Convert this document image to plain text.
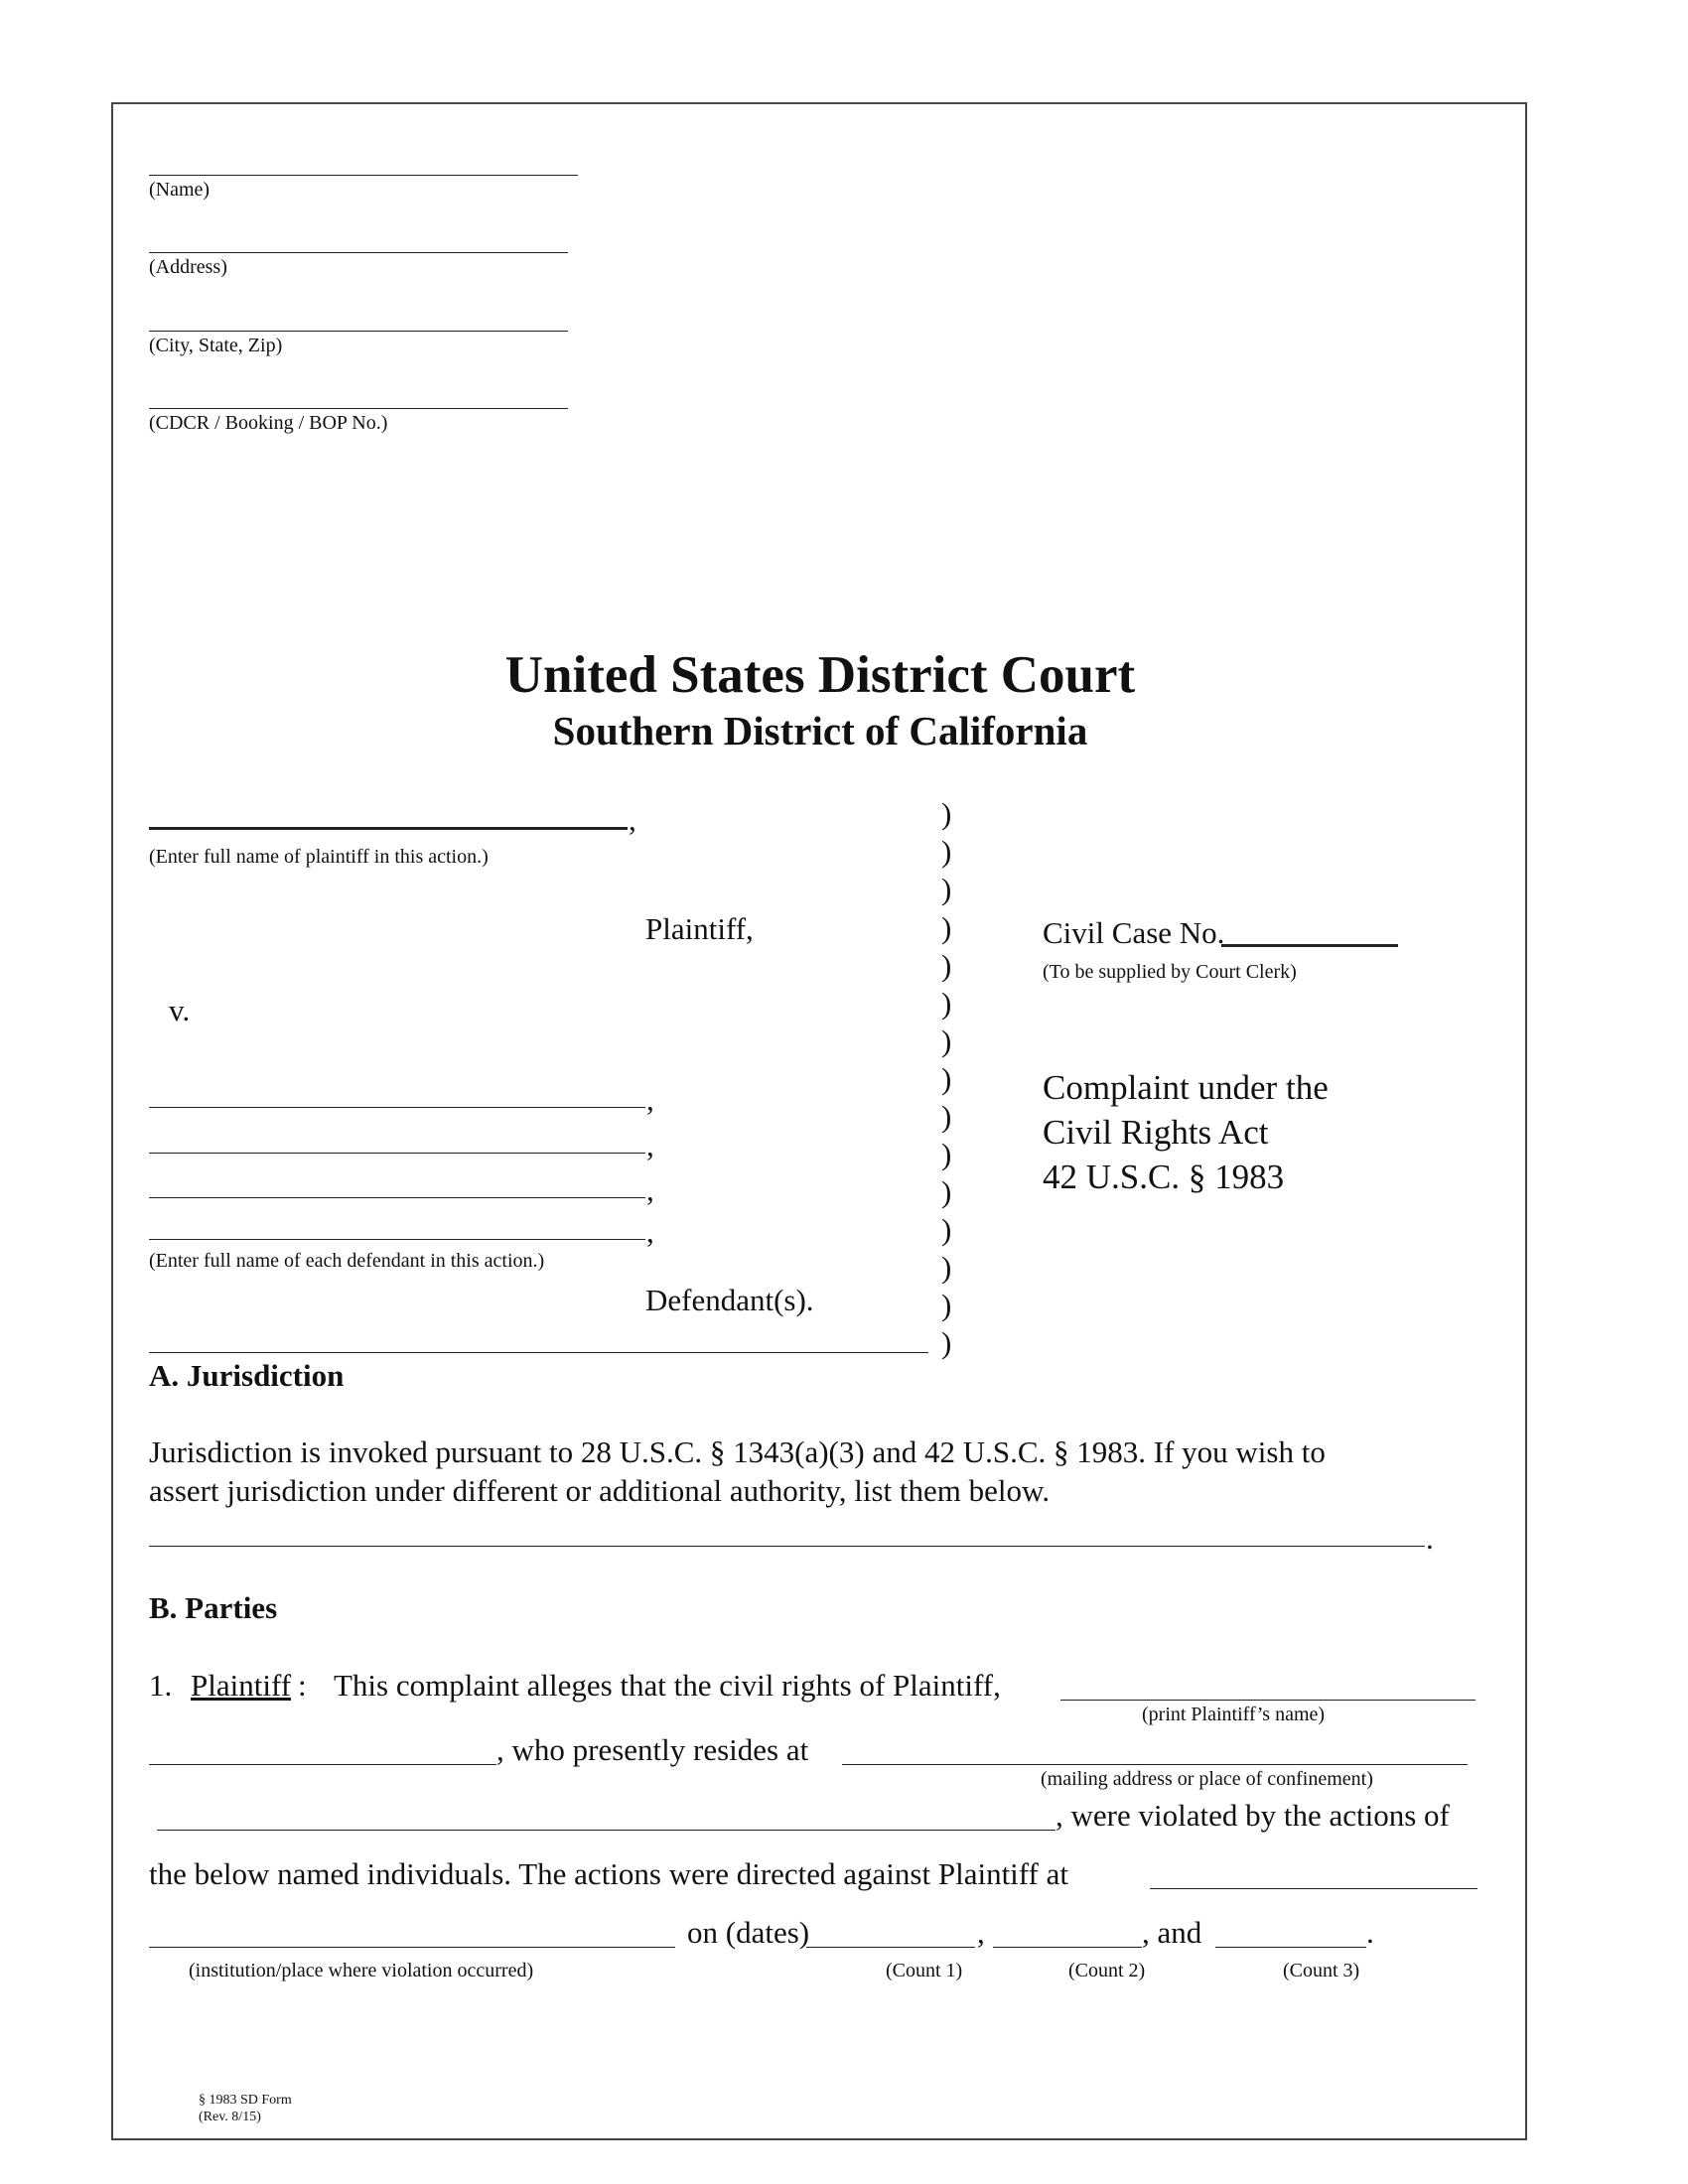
(Name)
(Address)
(City, State, Zip)
(CDCR / Booking / BOP No.)
United States District Court
Southern District of California
)
)
)
)
)
)
)
)
)
)
)
)
)
)
)
,
(Enter full name of plaintiff in this action.)
Plaintiff,
v.
,
,
,
,
(Enter full name of each defendant in this action.)
Defendant(s).
Civil Case No.
(To be supplied by Court Clerk)
Complaint under the
Civil Rights Act
42 U.S.C. § 1983
A. Jurisdiction
Jurisdiction is invoked pursuant to 28 U.S.C. § 1343(a)(3) and 42 U.S.C. § 1983. If you wish to
assert jurisdiction under different or additional authority, list them below.
.
B. Parties
1. Plaintiff : This complaint alleges that the civil rights of Plaintiff,
(print Plaintiff’s name)
, who presently resides at
(mailing address or place of confinement)
, were violated by the actions of
the below named individuals. The actions were directed against Plaintiff at
on (dates)	,	, and	.
(institution/place where violation occurred)	(Count 1)	(Count 2)	(Count 3)
§ 1983 SD Form
(Rev. 8/15)
